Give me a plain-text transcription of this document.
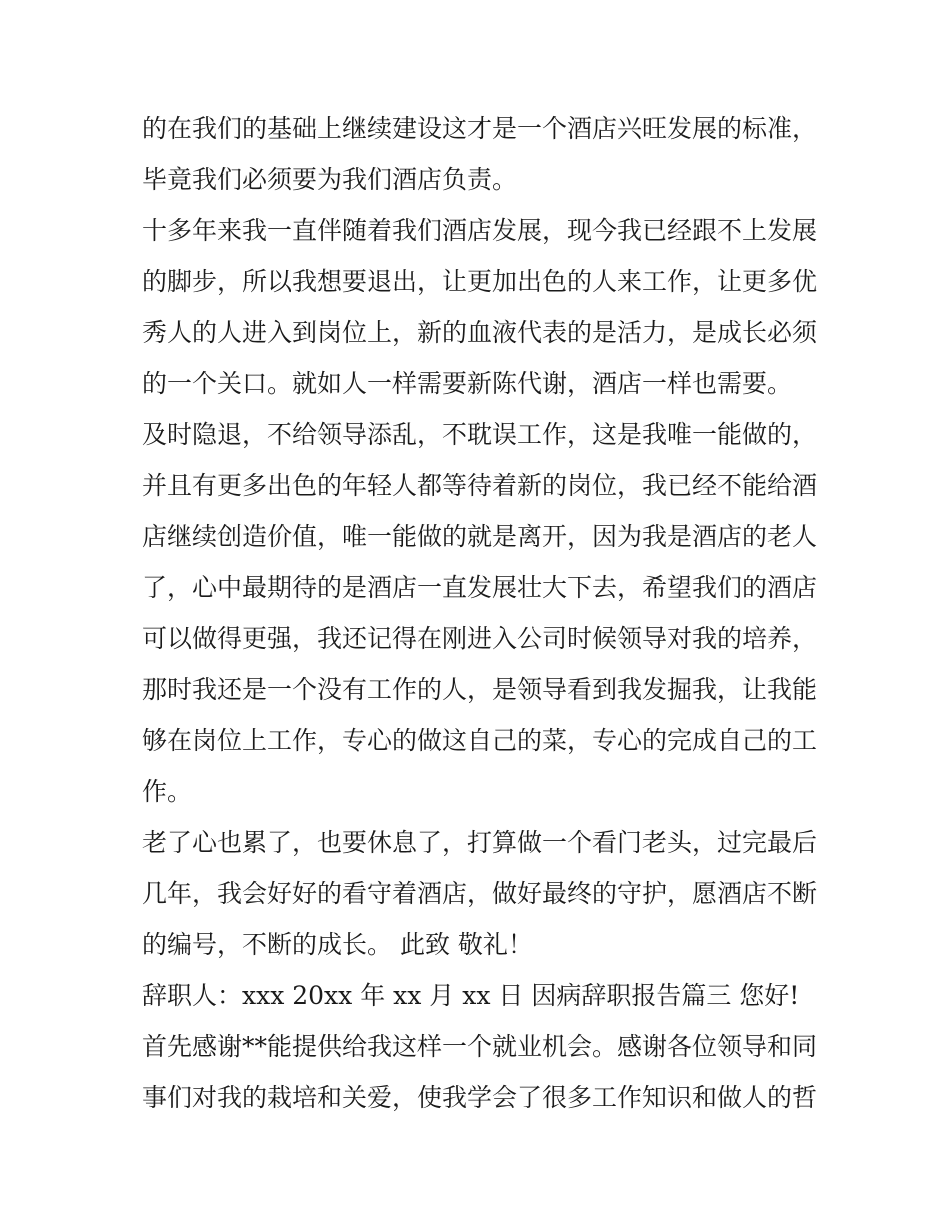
的在我们的基础上继续建设这才是一个酒店兴旺发展的标准，
毕竟我们必须要为我们酒店负责。
十多年来我一直伴随着我们酒店发展，现今我已经跟不上发展
的脚步，所以我想要退出，让更加出色的人来工作，让更多优
秀人的人进入到岗位上，新的血液代表的是活力，是成长必须
的一个关口。就如人一样需要新陈代谢，酒店一样也需要。
及时隐退，不给领导添乱，不耽误工作，这是我唯一能做的，
并且有更多出色的年轻人都等待着新的岗位，我已经不能给酒
店继续创造价值，唯一能做的就是离开，因为我是酒店的老人
了，心中最期待的是酒店一直发展壮大下去，希望我们的酒店
可以做得更强，我还记得在刚进入公司时候领导对我的培养，
那时我还是一个没有工作的人，是领导看到我发掘我，让我能
够在岗位上工作，专心的做这自己的菜，专心的完成自己的工
作。
老了心也累了，也要休息了，打算做一个看门老头，过完最后
几年，我会好好的看守着酒店，做好最终的守护，愿酒店不断
的编号，不断的成长。 此致 敬礼！
辞职人：xxx 20xx 年 xx 月 xx 日 因病辞职报告篇三 您好!
首先感谢**能提供给我这样一个就业机会。感谢各位领导和同
事们对我的栽培和关爱，使我学会了很多工作知识和做人的哲
